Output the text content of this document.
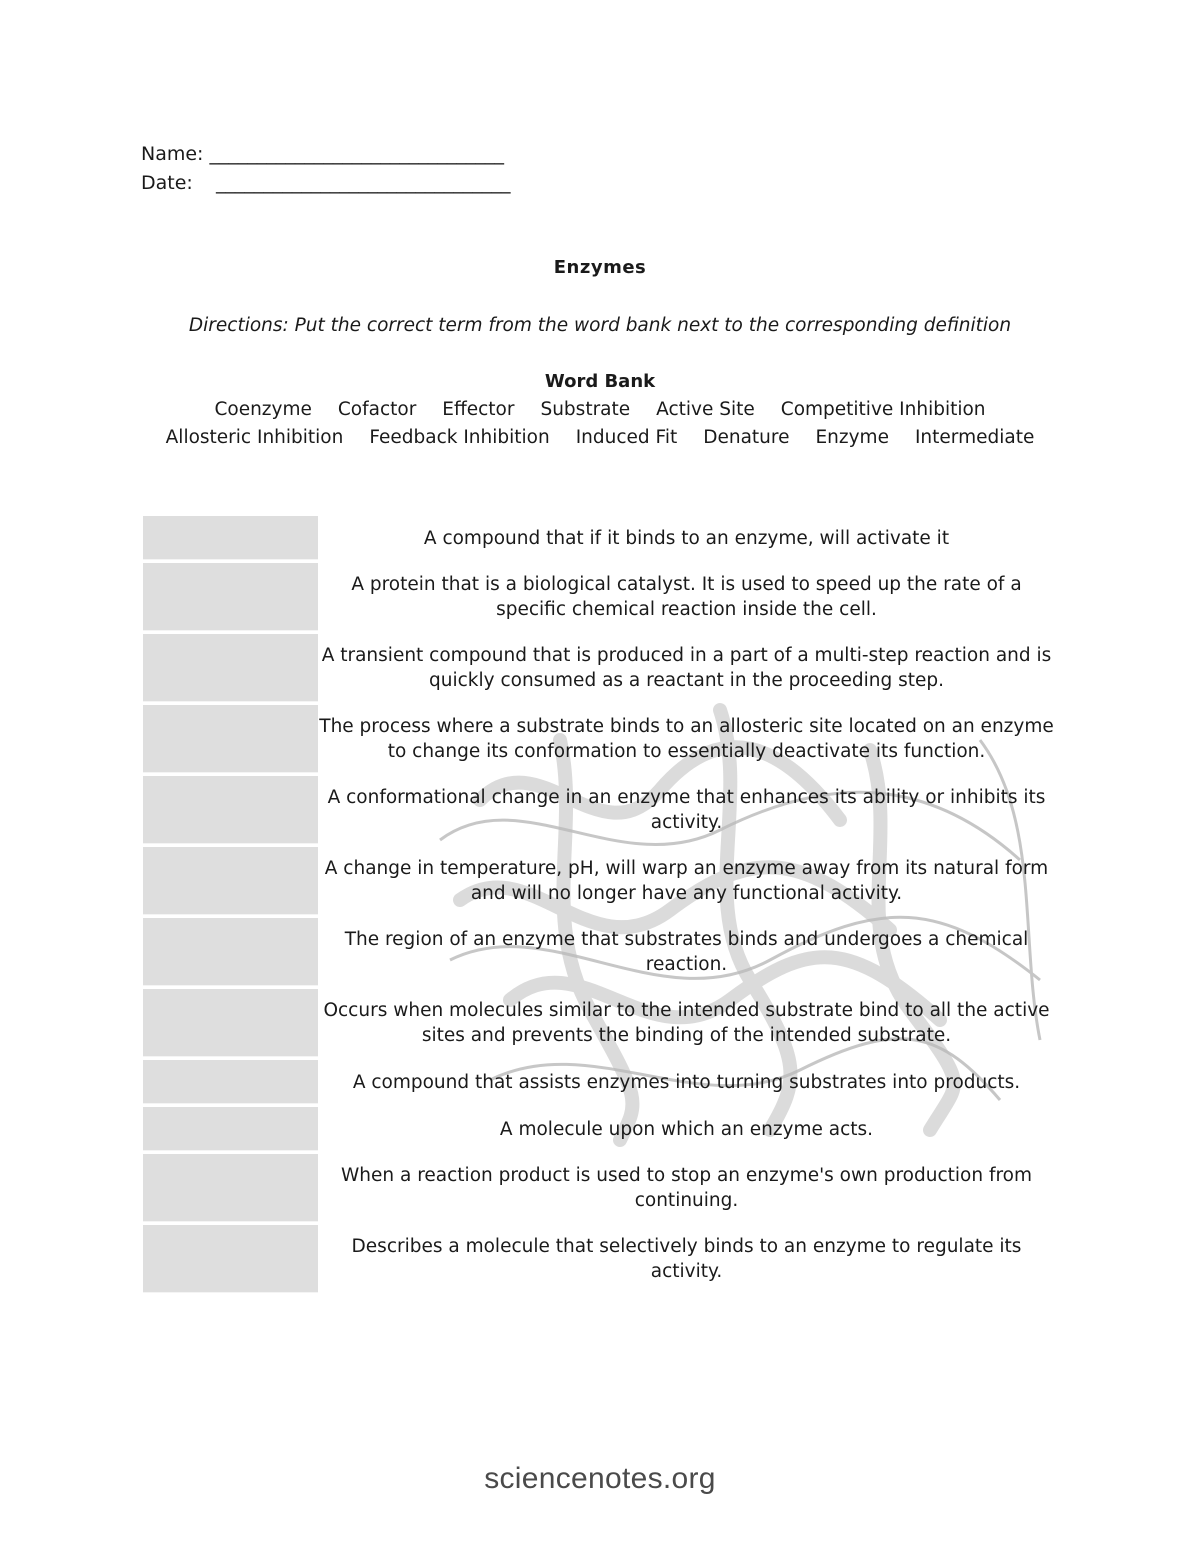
Name: _______________________________
Date: _______________________________
Enzymes
Directions: Put the correct term from the word bank next to the corresponding definition
Word Bank
Coenzyme Cofactor Effector Substrate Active Site Competitive Inhibition
Allosteric Inhibition Feedback Inhibition Induced Fit Denature Enzyme Intermediate
	A compound that if it binds to an enzyme, will activate it
	A protein that is a biological catalyst. It is used to speed up the rate of a specific chemical reaction inside the cell.
	A transient compound that is produced in a part of a multi-step reaction and is quickly consumed as a reactant in the proceeding step.
	The process where a substrate binds to an allosteric site located on an enzyme to change its conformation to essentially deactivate its function.
	A conformational change in an enzyme that enhances its ability or inhibits its activity.
	A change in temperature, pH, will warp an enzyme away from its natural form and will no longer have any functional activity.
	The region of an enzyme that substrates binds and undergoes a chemical reaction.
	Occurs when molecules similar to the intended substrate bind to all the active sites and prevents the binding of the intended substrate.
	A compound that assists enzymes into turning substrates into products.
	A molecule upon which an enzyme acts.
	When a reaction product is used to stop an enzyme's own production from continuing.
	Describes a molecule that selectively binds to an enzyme to regulate its activity.
sciencenotes.org
